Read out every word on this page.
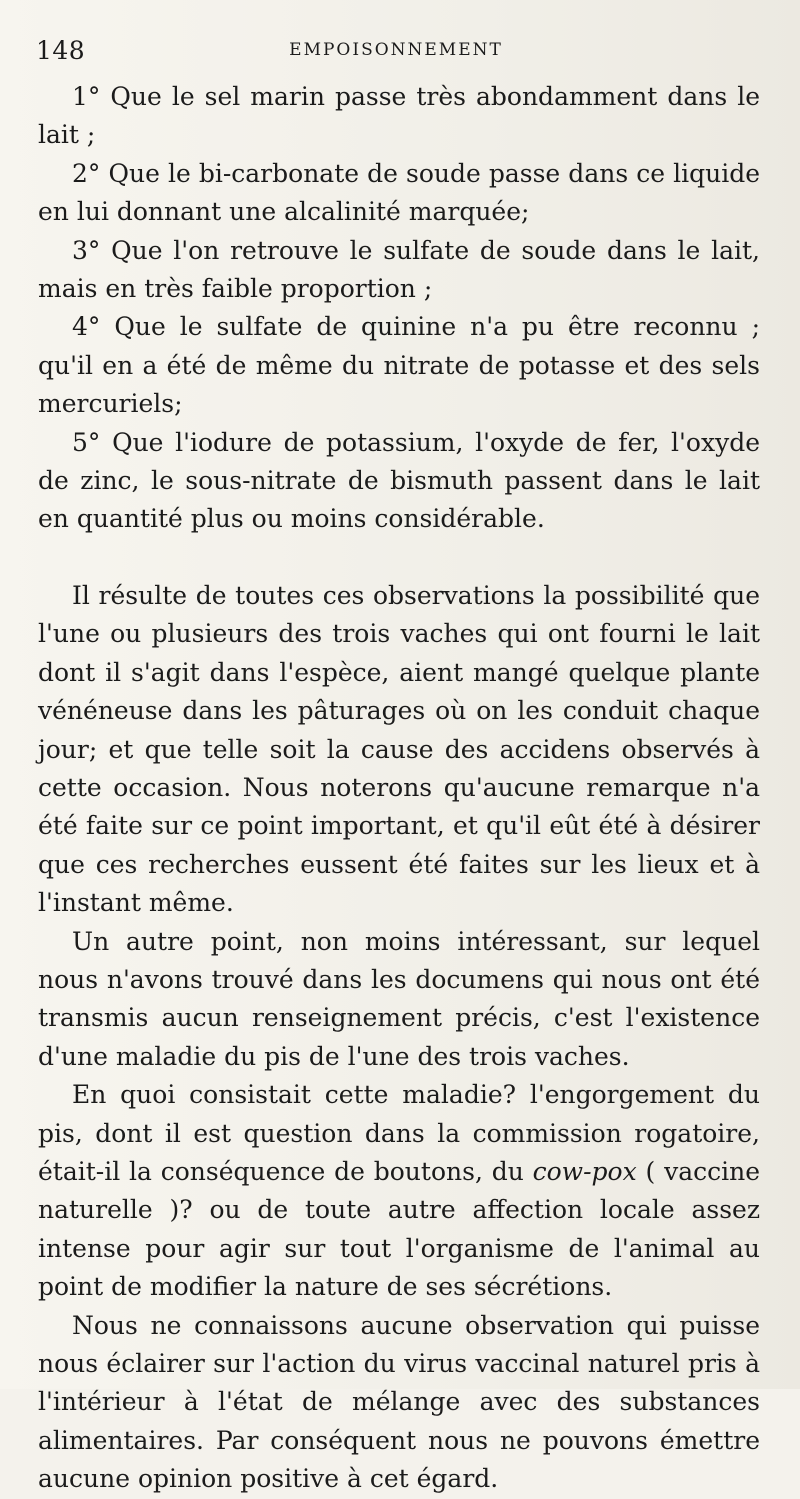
148	EMPOISONNEMENT

1° Que le sel marin passe très abondamment dans le lait ;

2° Que le bi-carbonate de soude passe dans ce liquide en lui donnant une alcalinité marquée;

3° Que l'on retrouve le sulfate de soude dans le lait, mais en très faible proportion ;

4° Que le sulfate de quinine n'a pu être reconnu ; qu'il en a été de même du nitrate de potasse et des sels mercuriels;

5° Que l'iodure de potassium, l'oxyde de fer, l'oxyde de zinc, le sous-nitrate de bismuth passent dans le lait en quantité plus ou moins considérable.

Il résulte de toutes ces observations la possibilité que l'une ou plusieurs des trois vaches qui ont fourni le lait dont il s'agit dans l'espèce, aient mangé quelque plante vénéneuse dans les pâturages où on les conduit chaque jour; et que telle soit la cause des accidens observés à cette occasion. Nous noterons qu'aucune remarque n'a été faite sur ce point important, et qu'il eût été à désirer que ces recherches eussent été faites sur les lieux et à l'instant même.

Un autre point, non moins intéressant, sur lequel nous n'avons trouvé dans les documens qui nous ont été transmis aucun renseignement précis, c'est l'existence d'une maladie du pis de l'une des trois vaches.

En quoi consistait cette maladie? l'engorgement du pis, dont il est question dans la commission rogatoire, était-il la conséquence de boutons, du cow-pox ( vaccine naturelle )? ou de toute autre affection locale assez intense pour agir sur tout l'organisme de l'animal au point de modifier la nature de ses sécrétions.

Nous ne connaissons aucune observation qui puisse nous éclairer sur l'action du virus vaccinal naturel pris à l'intérieur à l'état de mélange avec des substances alimentaires. Par conséquent nous ne pouvons émettre aucune opinion positive à cet égard.
